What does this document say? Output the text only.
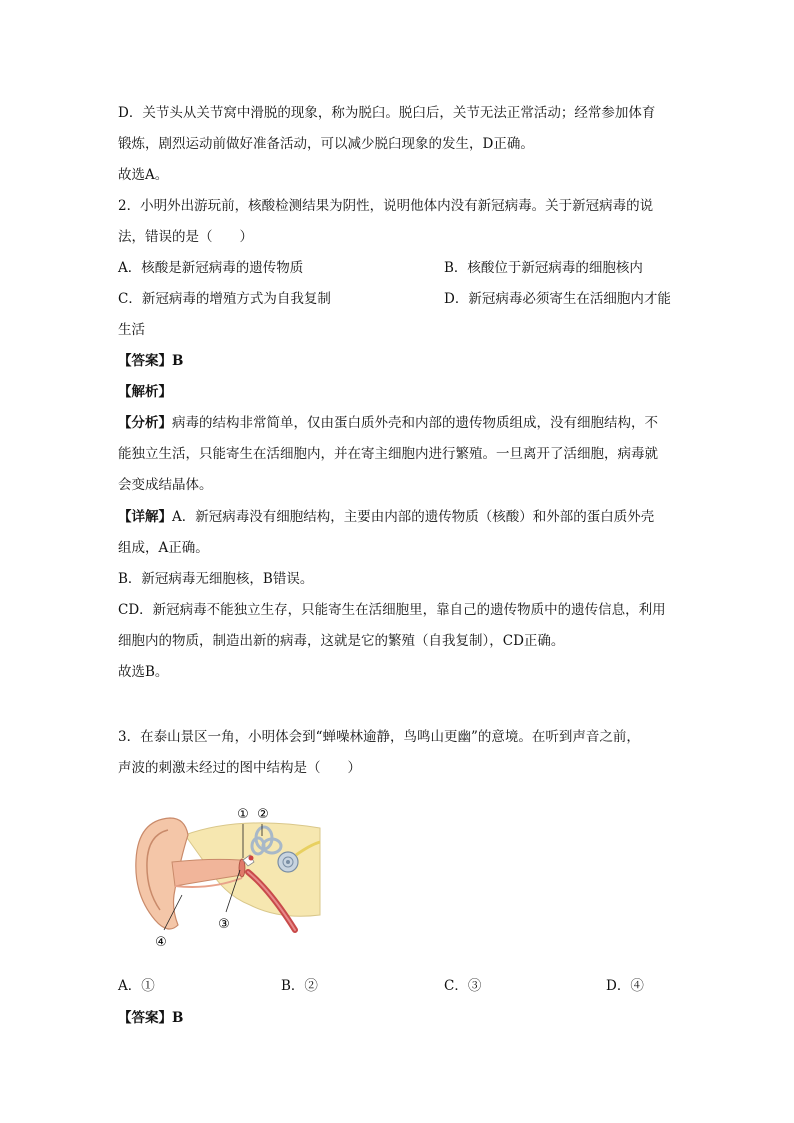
D．关节头从关节窝中滑脱的现象，称为脱臼。脱臼后，关节无法正常活动；经常参加体育
锻炼，剧烈运动前做好准备活动，可以减少脱臼现象的发生，D正确。
故选A。
2．小明外出游玩前，核酸检测结果为阴性，说明他体内没有新冠病毒。关于新冠病毒的说
法，错误的是（　　）
A．核酸是新冠病毒的遗传物质	B．核酸位于新冠病毒的细胞核内
C．新冠病毒的增殖方式为自我复制	D．新冠病毒必须寄生在活细胞内才能
生活
【答案】B
【解析】
【分析】病毒的结构非常简单，仅由蛋白质外壳和内部的遗传物质组成，没有细胞结构，不
能独立生活，只能寄生在活细胞内，并在寄主细胞内进行繁殖。一旦离开了活细胞，病毒就
会变成结晶体。
【详解】A．新冠病毒没有细胞结构，主要由内部的遗传物质（核酸）和外部的蛋白质外壳
组成，A正确。
B．新冠病毒无细胞核，B错误。
CD．新冠病毒不能独立生存，只能寄生在活细胞里，靠自己的遗传物质中的遗传信息，利用
细胞内的物质，制造出新的病毒，这就是它的繁殖（自我复制），CD正确。
故选B。
3．在泰山景区一角，小明体会到“蝉噪林逾静，鸟鸣山更幽”的意境。在听到声音之前，
声波的刺激未经过的图中结构是（　　）
① ②
③
④
A．①	B．②	C．③	D．④
【答案】B
